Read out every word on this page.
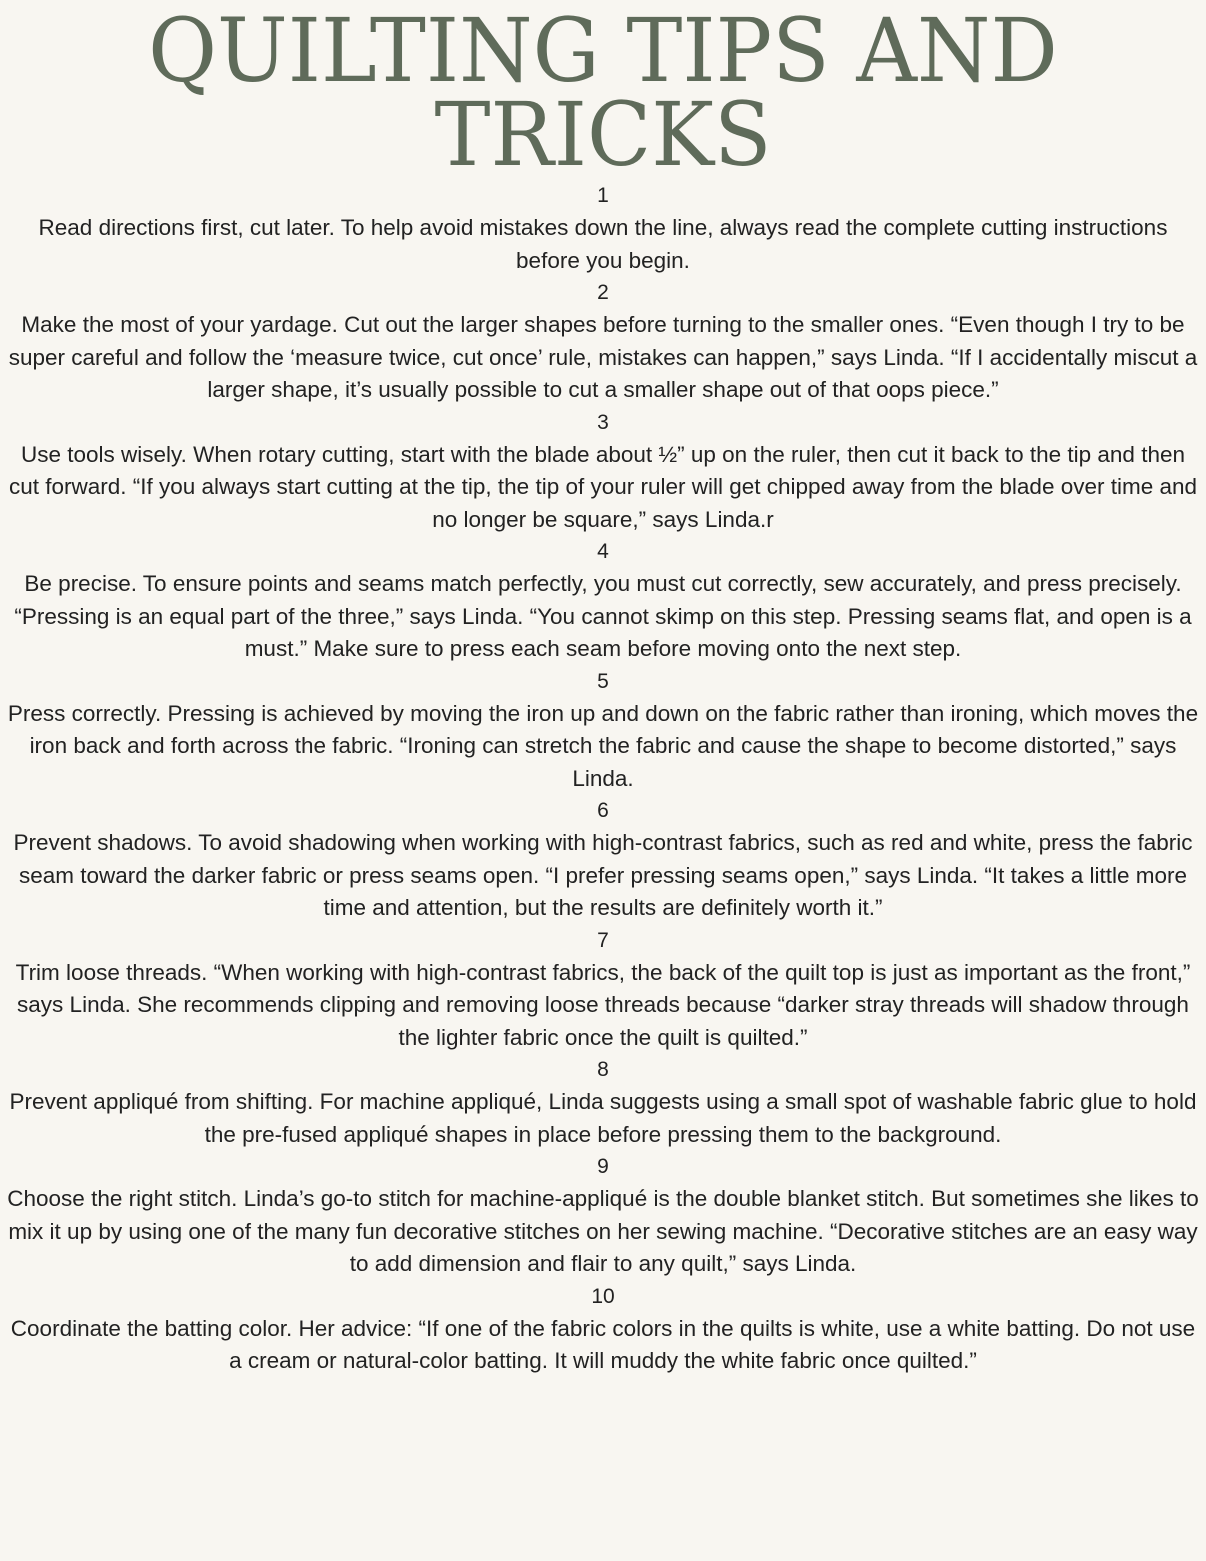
QUILTING TIPS AND
TRICKS
1
Read directions first, cut later. To help avoid mistakes down the line, always read the complete cutting instructions before you begin.
2
Make the most of your yardage. Cut out the larger shapes before turning to the smaller ones. “Even though I try to be super careful and follow the ‘measure twice, cut once’ rule, mistakes can happen,” says Linda. “If I accidentally miscut a larger shape, it’s usually possible to cut a smaller shape out of that oops piece.”
3
Use tools wisely. When rotary cutting, start with the blade about ½” up on the ruler, then cut it back to the tip and then cut forward. “If you always start cutting at the tip, the tip of your ruler will get chipped away from the blade over time and no longer be square,” says Linda.r
4
Be precise. To ensure points and seams match perfectly, you must cut correctly, sew accurately, and press precisely. “Pressing is an equal part of the three,” says Linda. “You cannot skimp on this step. Pressing seams flat, and open is a must.” Make sure to press each seam before moving onto the next step.
5
Press correctly. Pressing is achieved by moving the iron up and down on the fabric rather than ironing, which moves the iron back and forth across the fabric. “Ironing can stretch the fabric and cause the shape to become distorted,” says Linda.
6
Prevent shadows. To avoid shadowing when working with high-contrast fabrics, such as red and white, press the fabric seam toward the darker fabric or press seams open. “I prefer pressing seams open,” says Linda. “It takes a little more time and attention, but the results are definitely worth it.”
7
Trim loose threads. “When working with high-contrast fabrics, the back of the quilt top is just as important as the front,” says Linda. She recommends clipping and removing loose threads because “darker stray threads will shadow through the lighter fabric once the quilt is quilted.”
8
Prevent appliqué from shifting. For machine appliqué, Linda suggests using a small spot of washable fabric glue to hold the pre-fused appliqué shapes in place before pressing them to the background.
9
Choose the right stitch. Linda’s go-to stitch for machine-appliqué is the double blanket stitch. But sometimes she likes to mix it up by using one of the many fun decorative stitches on her sewing machine. “Decorative stitches are an easy way to add dimension and flair to any quilt,” says Linda.
10
Coordinate the batting color. Her advice: “If one of the fabric colors in the quilts is white, use a white batting. Do not use a cream or natural-color batting. It will muddy the white fabric once quilted.”
